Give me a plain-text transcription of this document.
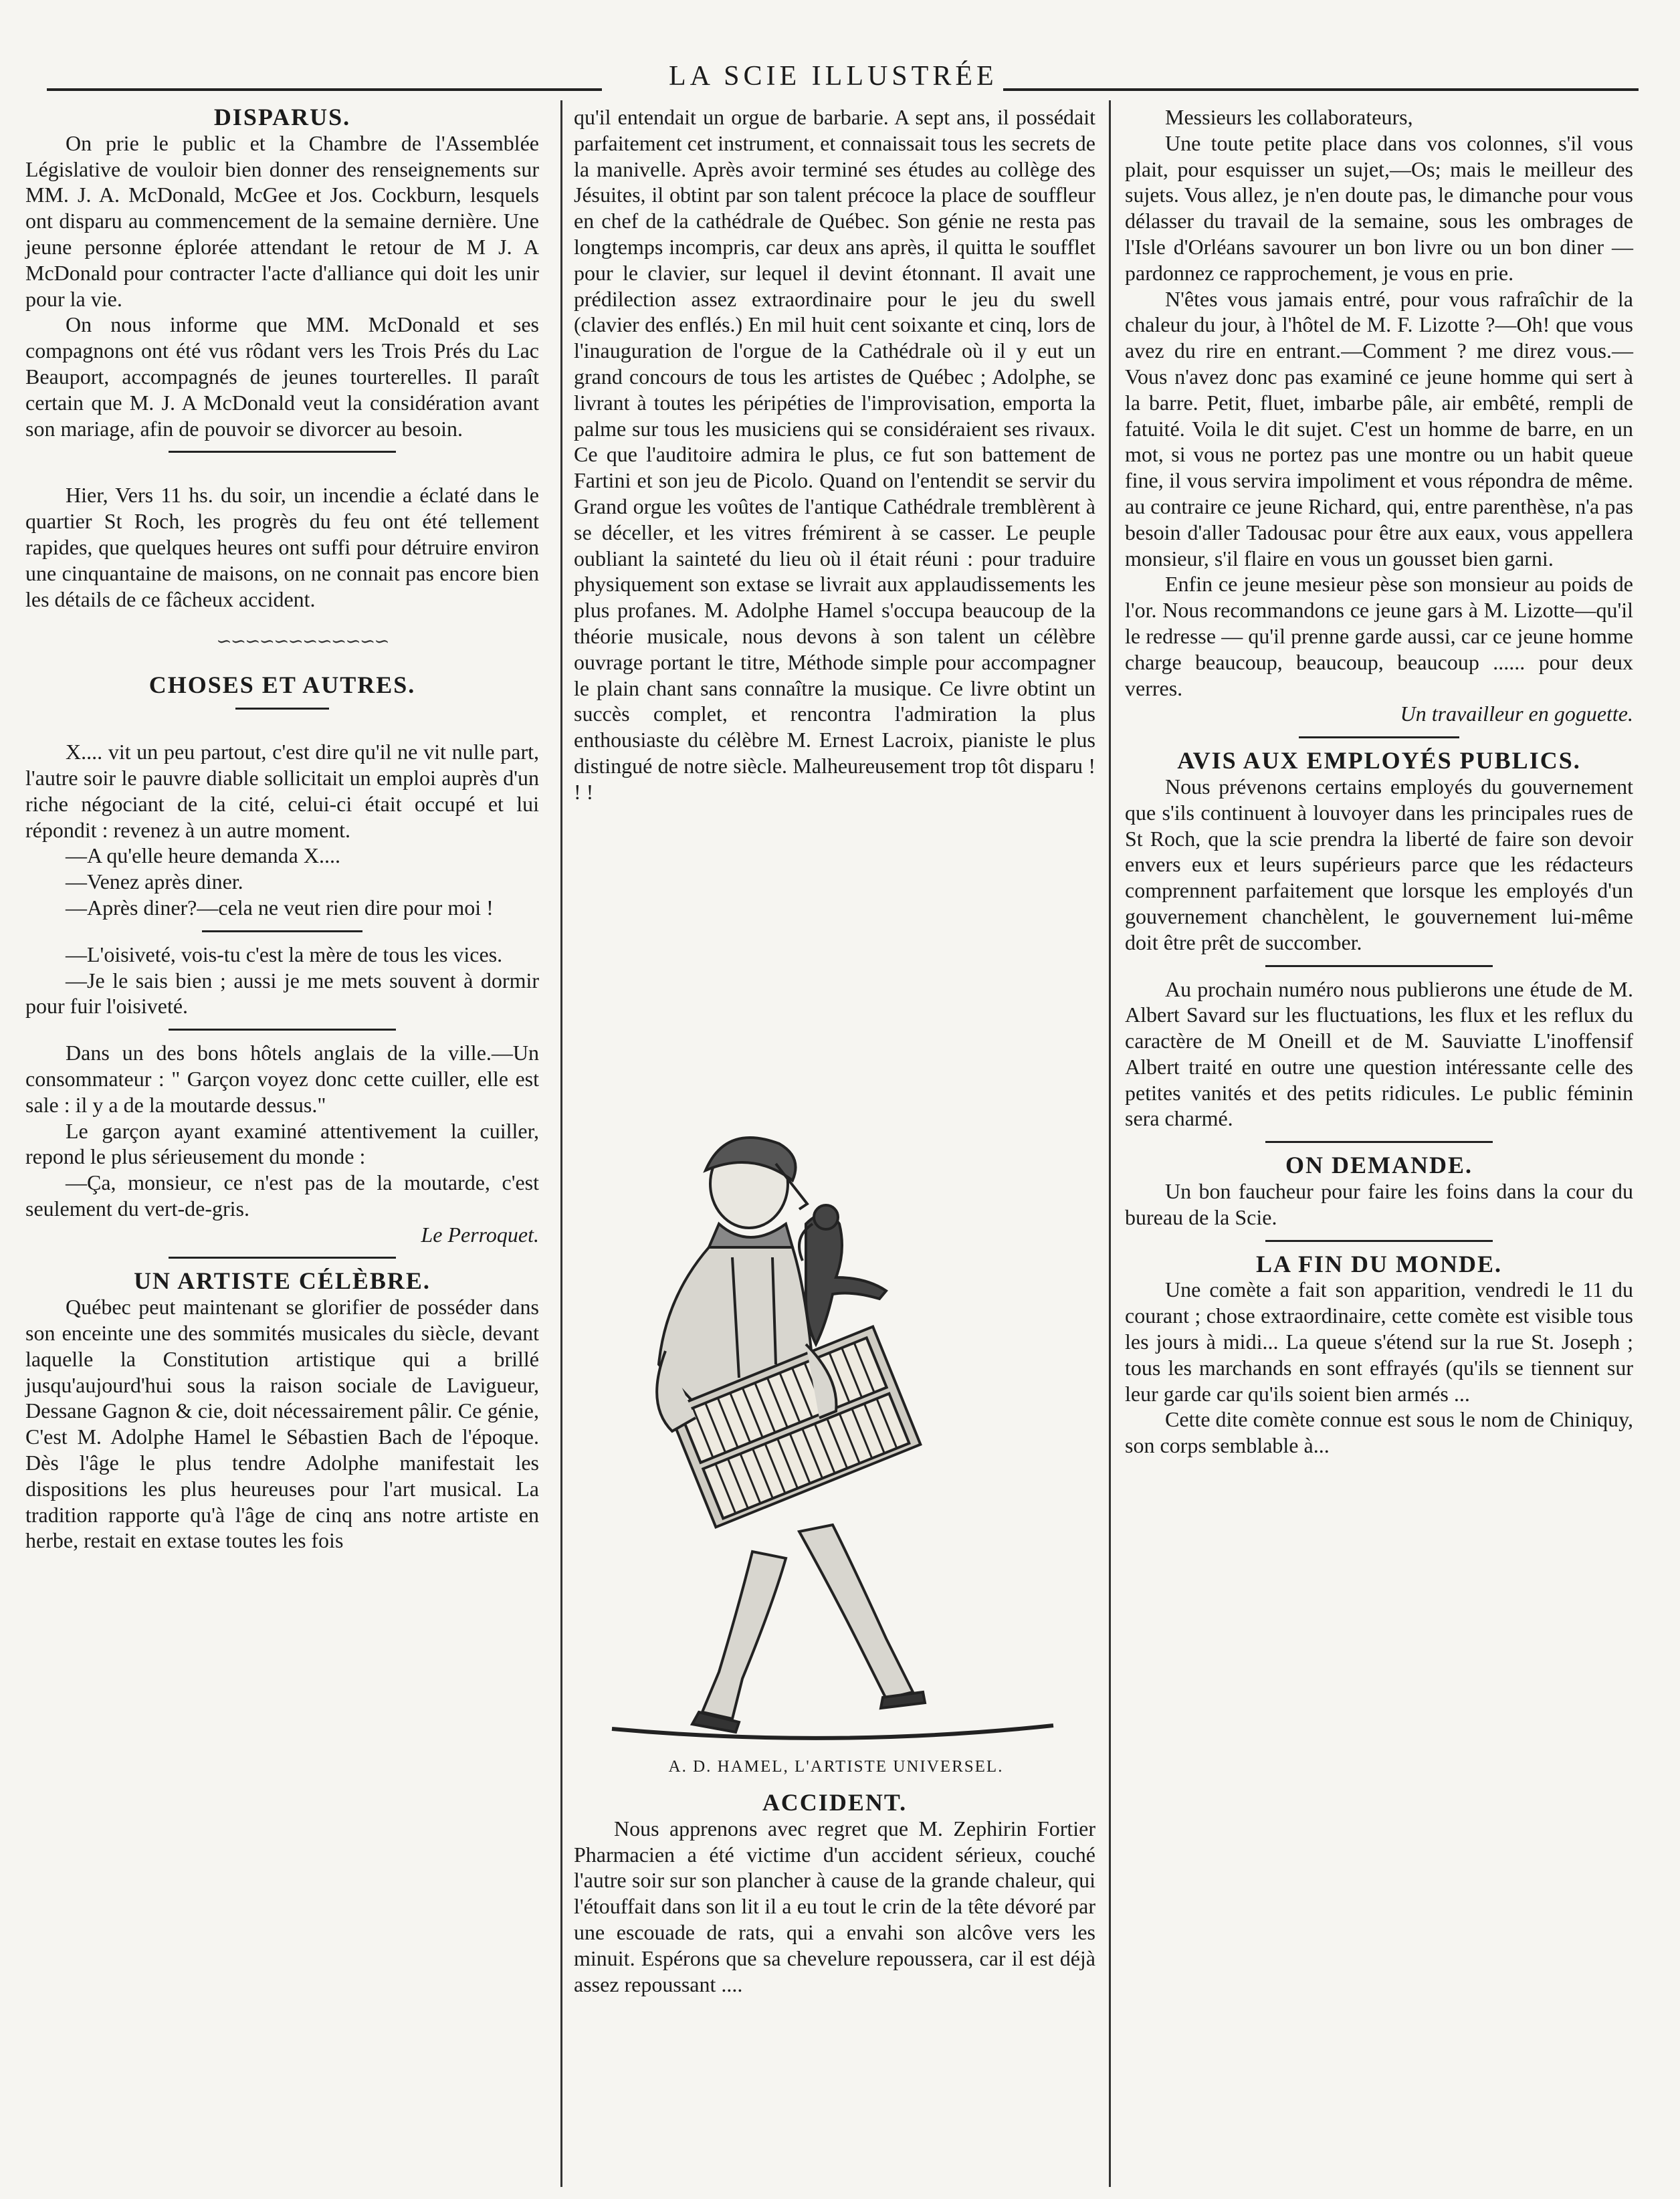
LA SCIE ILLUSTRÉE
DISPARUS.

On prie le public et la Chambre de l'Assemblée Législative de vouloir bien donner des renseignements sur MM. J. A. McDonald, McGee et Jos. Cockburn, lesquels ont disparu au commencement de la semaine dernière. Une jeune personne éplorée attendant le retour de M J. A McDonald pour contracter l'acte d'alliance qui doit les unir pour la vie.

On nous informe que MM. McDonald et ses compagnons ont été vus rôdant vers les Trois Prés du Lac Beauport, accompagnés de jeunes tourterelles. Il paraît certain que M. J. A McDonald veut la considération avant son mariage, afin de pouvoir se divorcer au besoin.

Hier, Vers 11 hs. du soir, un incendie a éclaté dans le quartier St Roch, les progrès du feu ont été tellement rapides, que quelques heures ont suffi pour détruire environ une cinquantaine de maisons, on ne connait pas encore bien les détails de ce fâcheux accident.

∽∽∽∽∽∽∽∽∽∽∽∽

CHOSES ET AUTRES.

X.... vit un peu partout, c'est dire qu'il ne vit nulle part, l'autre soir le pauvre diable sollicitait un emploi auprès d'un riche négociant de la cité, celui-ci était occupé et lui répondit : revenez à un autre moment.

—A qu'elle heure demanda X....

—Venez après diner.

—Après diner?—cela ne veut rien dire pour moi !

—L'oisiveté, vois-tu c'est la mère de tous les vices.

—Je le sais bien ; aussi je me mets souvent à dormir pour fuir l'oisiveté.

Dans un des bons hôtels anglais de la ville.—Un consommateur : " Garçon voyez donc cette cuiller, elle est sale : il y a de la moutarde dessus."

Le garçon ayant examiné attentivement la cuiller, repond le plus sérieusement du monde :

—Ça, monsieur, ce n'est pas de la moutarde, c'est seulement du vert-de-gris.

Le Perroquet.

UN ARTISTE CÉLÈBRE.

Québec peut maintenant se glorifier de posséder dans son enceinte une des sommités musicales du siècle, devant laquelle la Constitution artistique qui a brillé jusqu'aujourd'hui sous la raison sociale de Lavigueur, Dessane Gagnon & cie, doit nécessairement pâlir. Ce génie, C'est M. Adolphe Hamel le Sébastien Bach de l'époque. Dès l'âge le plus tendre Adolphe manifestait les dispositions les plus heureuses pour l'art musical. La tradition rapporte qu'à l'âge de cinq ans notre artiste en herbe, restait en extase toutes les fois

qu'il entendait un orgue de barbarie. A sept ans, il possédait parfaitement cet instrument, et connaissait tous les secrets de la manivelle. Après avoir terminé ses études au collège des Jésuites, il obtint par son talent précoce la place de souffleur en chef de la cathédrale de Québec. Son génie ne resta pas longtemps incompris, car deux ans après, il quitta le soufflet pour le clavier, sur lequel il devint étonnant. Il avait une prédilection assez extraordinaire pour le jeu du swell (clavier des enflés.) En mil huit cent soixante et cinq, lors de l'inauguration de l'orgue de la Cathédrale où il y eut un grand concours de tous les artistes de Québec ; Adolphe, se livrant à toutes les péripéties de l'improvisation, emporta la palme sur tous les musiciens qui se considéraient ses rivaux. Ce que l'auditoire admira le plus, ce fut son battement de Fartini et son jeu de Picolo. Quand on l'entendit se servir du Grand orgue les voûtes de l'antique Cathédrale tremblèrent à se déceller, et les vitres frémirent à se casser. Le peuple oubliant la sainteté du lieu où il était réuni : pour traduire physiquement son extase se livrait aux applaudissements les plus profanes. M. Adolphe Hamel s'occupa beaucoup de la théorie musicale, nous devons à son talent un célèbre ouvrage portant le titre, Méthode simple pour accompagner le plain chant sans connaître la musique. Ce livre obtint un succès complet, et rencontra l'admiration la plus enthousiaste du célèbre M. Ernest Lacroix, pianiste le plus distingué de notre siècle. Malheureusement trop tôt disparu ! ! !

A. D. HAMEL, L'ARTISTE UNIVERSEL.
ACCIDENT.

Nous apprenons avec regret que M. Zephirin Fortier Pharmacien a été victime d'un accident sérieux, couché l'autre soir sur son plancher à cause de la grande chaleur, qui l'étouffait dans son lit il a eu tout le crin de la tête dévoré par une escouade de rats, qui a envahi son alcôve vers les minuit. Espérons que sa chevelure repoussera, car il est déjà assez repoussant ....

Messieurs les collaborateurs,

Une toute petite place dans vos colonnes, s'il vous plait, pour esquisser un sujet,—Os; mais le meilleur des sujets. Vous allez, je n'en doute pas, le dimanche pour vous délasser du travail de la semaine, sous les ombrages de l'Isle d'Orléans savourer un bon livre ou un bon diner —pardonnez ce rapprochement, je vous en prie.

N'êtes vous jamais entré, pour vous rafraîchir de la chaleur du jour, à l'hôtel de M. F. Lizotte ?—Oh! que vous avez du rire en entrant.—Comment ? me direz vous.— Vous n'avez donc pas examiné ce jeune homme qui sert à la barre. Petit, fluet, imbarbe pâle, air embêté, rempli de fatuité. Voila le dit sujet. C'est un homme de barre, en un mot, si vous ne portez pas une montre ou un habit queue fine, il vous servira impoliment et vous répondra de même. au contraire ce jeune Richard, qui, entre parenthèse, n'a pas besoin d'aller Tadousac pour être aux eaux, vous appellera monsieur, s'il flaire en vous un gousset bien garni.

Enfin ce jeune mesieur pèse son monsieur au poids de l'or. Nous recommandons ce jeune gars à M. Lizotte—qu'il le redresse — qu'il prenne garde aussi, car ce jeune homme charge beaucoup, beaucoup, beaucoup ...... pour deux verres.

Un travailleur en goguette.

AVIS AUX EMPLOYÉS PUBLICS.

Nous prévenons certains employés du gouvernement que s'ils continuent à louvoyer dans les principales rues de St Roch, que la scie prendra la liberté de faire son devoir envers eux et leurs supérieurs parce que les rédacteurs comprennent parfaitement que lorsque les employés d'un gouvernement chanchèlent, le gouvernement lui-même doit être prêt de succomber.

Au prochain numéro nous publierons une étude de M. Albert Savard sur les fluctuations, les flux et les reflux du caractère de M Oneill et de M. Sauviatte L'inoffensif Albert traité en outre une question intéressante celle des petites vanités et des petits ridicules. Le public féminin sera charmé.

ON DEMANDE.

Un bon faucheur pour faire les foins dans la cour du bureau de la Scie.

LA FIN DU MONDE.

Une comète a fait son apparition, vendredi le 11 du courant ; chose extraordinaire, cette comète est visible tous les jours à midi... La queue s'étend sur la rue St. Joseph ; tous les marchands en sont effrayés (qu'ils se tiennent sur leur garde car qu'ils soient bien armés ...

Cette dite comète connue est sous le nom de Chiniquy, son corps semblable à...
